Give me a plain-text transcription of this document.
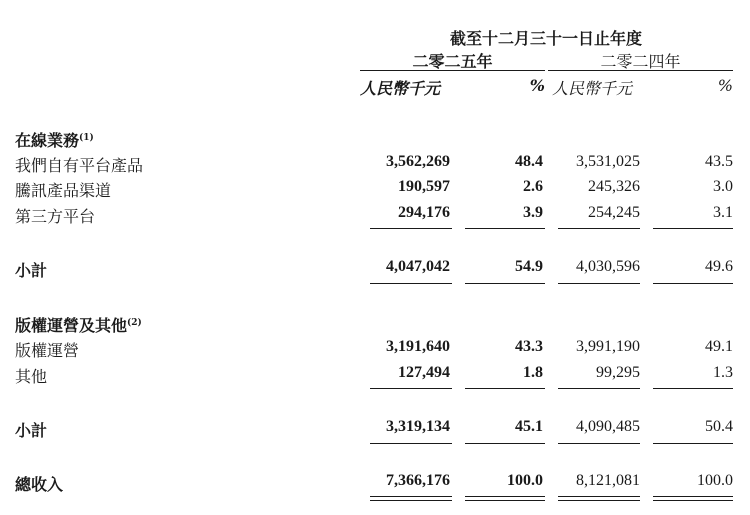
截至十二月三十一日止年度
二零二五年	二零二四年
人民幣千元	% 人民幣千元	%
在線業務$^{(1)}$
我們自有平台產品	3,562,269	48.4	3,531,025	43.5
騰訊產品渠道	190,597	2.6	245,326	3.0
第三方平台	294,176	3.9	254,245	3.1
小計	4,047,042	54.9	4,030,596	49.6
版權運營及其他$^{(2)}$
版權運營	3,191,640	43.3	3,991,190	49.1
其他	127,494	1.8	99,295	1.3
小計	3,319,134	45.1	4,090,485	50.4
總收入	7,366,176	100.0	8,121,081	100.0
